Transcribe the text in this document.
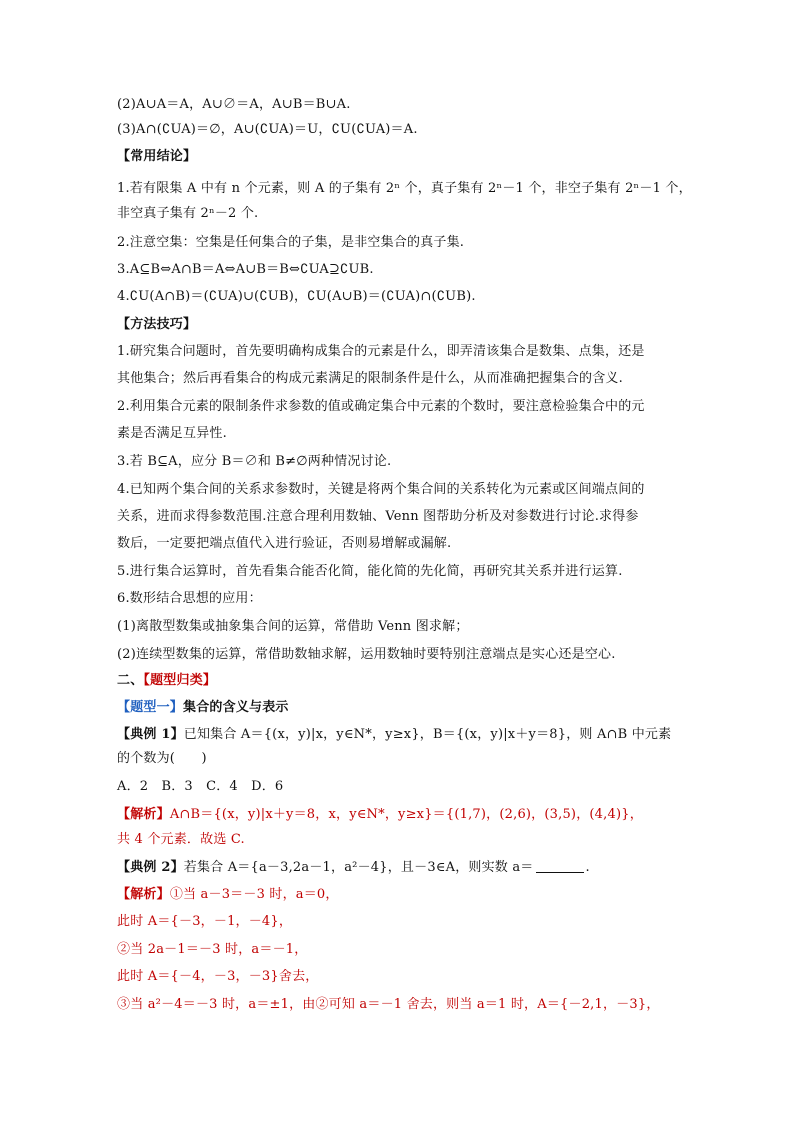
(2)A∪A＝A，A∪∅＝A，A∪B＝B∪A.
(3)A∩(∁UA)＝∅，A∪(∁UA)＝U，∁U(∁UA)＝A.
【常用结论】
1.若有限集 A 中有 n 个元素，则 A 的子集有 2ⁿ 个，真子集有 2ⁿ－1 个，非空子集有 2ⁿ－1 个，
非空真子集有 2ⁿ－2 个.
2.注意空集：空集是任何集合的子集，是非空集合的真子集.
3.A⊆B⇔A∩B＝A⇔A∪B＝B⇔∁UA⊇∁UB.
4.∁U(A∩B)＝(∁UA)∪(∁UB)，∁U(A∪B)＝(∁UA)∩(∁UB).
【方法技巧】
1.研究集合问题时，首先要明确构成集合的元素是什么，即弄清该集合是数集、点集，还是
其他集合；然后再看集合的构成元素满足的限制条件是什么，从而准确把握集合的含义.
2.利用集合元素的限制条件求参数的值或确定集合中元素的个数时，要注意检验集合中的元
素是否满足互异性.
3.若 B⊆A，应分 B＝∅和 B≠∅两种情况讨论.
4.已知两个集合间的关系求参数时，关键是将两个集合间的关系转化为元素或区间端点间的
关系，进而求得参数范围.注意合理利用数轴、Venn 图帮助分析及对参数进行讨论.求得参
数后，一定要把端点值代入进行验证，否则易增解或漏解.
5.进行集合运算时，首先看集合能否化简，能化简的先化简，再研究其关系并进行运算.
6.数形结合思想的应用：
(1)离散型数集或抽象集合间的运算，常借助 Venn 图求解；
(2)连续型数集的运算，常借助数轴求解，运用数轴时要特别注意端点是实心还是空心.
二、【题型归类】
【题型一】集合的含义与表示
【典例 1】已知集合 A＝{(x，y)|x，y∈N*，y≥x}，B＝{(x，y)|x＋y＝8}，则 A∩B 中元素
的个数为(　　)
A．2　B．3　C．4　D．6
【解析】A∩B＝{(x，y)|x＋y＝8，x，y∈N*，y≥x}＝{(1,7)，(2,6)，(3,5)，(4,4)}，
共 4 个元素．故选 C.
【典例 2】若集合 A＝{a－3,2a－1，a²－4}，且－3∈A，则实数 a＝	.
【解析】①当 a－3＝－3 时，a＝0，
此时 A＝{－3，－1，－4}，
②当 2a－1＝－3 时，a＝－1，
此时 A＝{－4，－3，－3}舍去，
③当 a²－4＝－3 时，a＝±1，由②可知 a＝－1 舍去，则当 a＝1 时，A＝{－2,1，－3}，
